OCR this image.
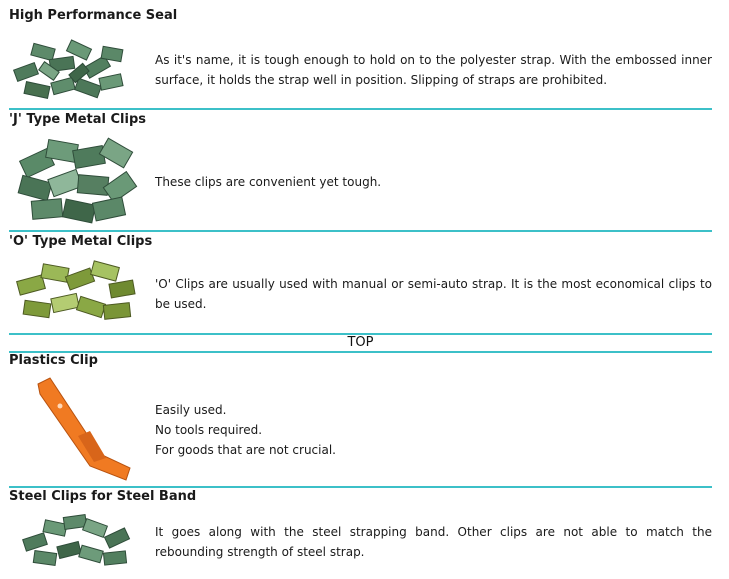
High Performance Seal
As it's name, it is tough enough to hold on to the polyester strap. With the embossed inner surface, it holds the strap well in position. Slipping of straps are prohibited.
'J' Type Metal Clips
These clips are convenient yet tough.
'O' Type Metal Clips
'O' Clips are usually used with manual or semi-auto strap. It is the most economical clips to be used.
TOP
Plastics Clip

Easily used.

No tools required.

For goods that are not crucial.

Steel Clips for Steel Band
It goes along with the steel strapping band. Other clips are not able to match the rebounding strength of steel strap.
